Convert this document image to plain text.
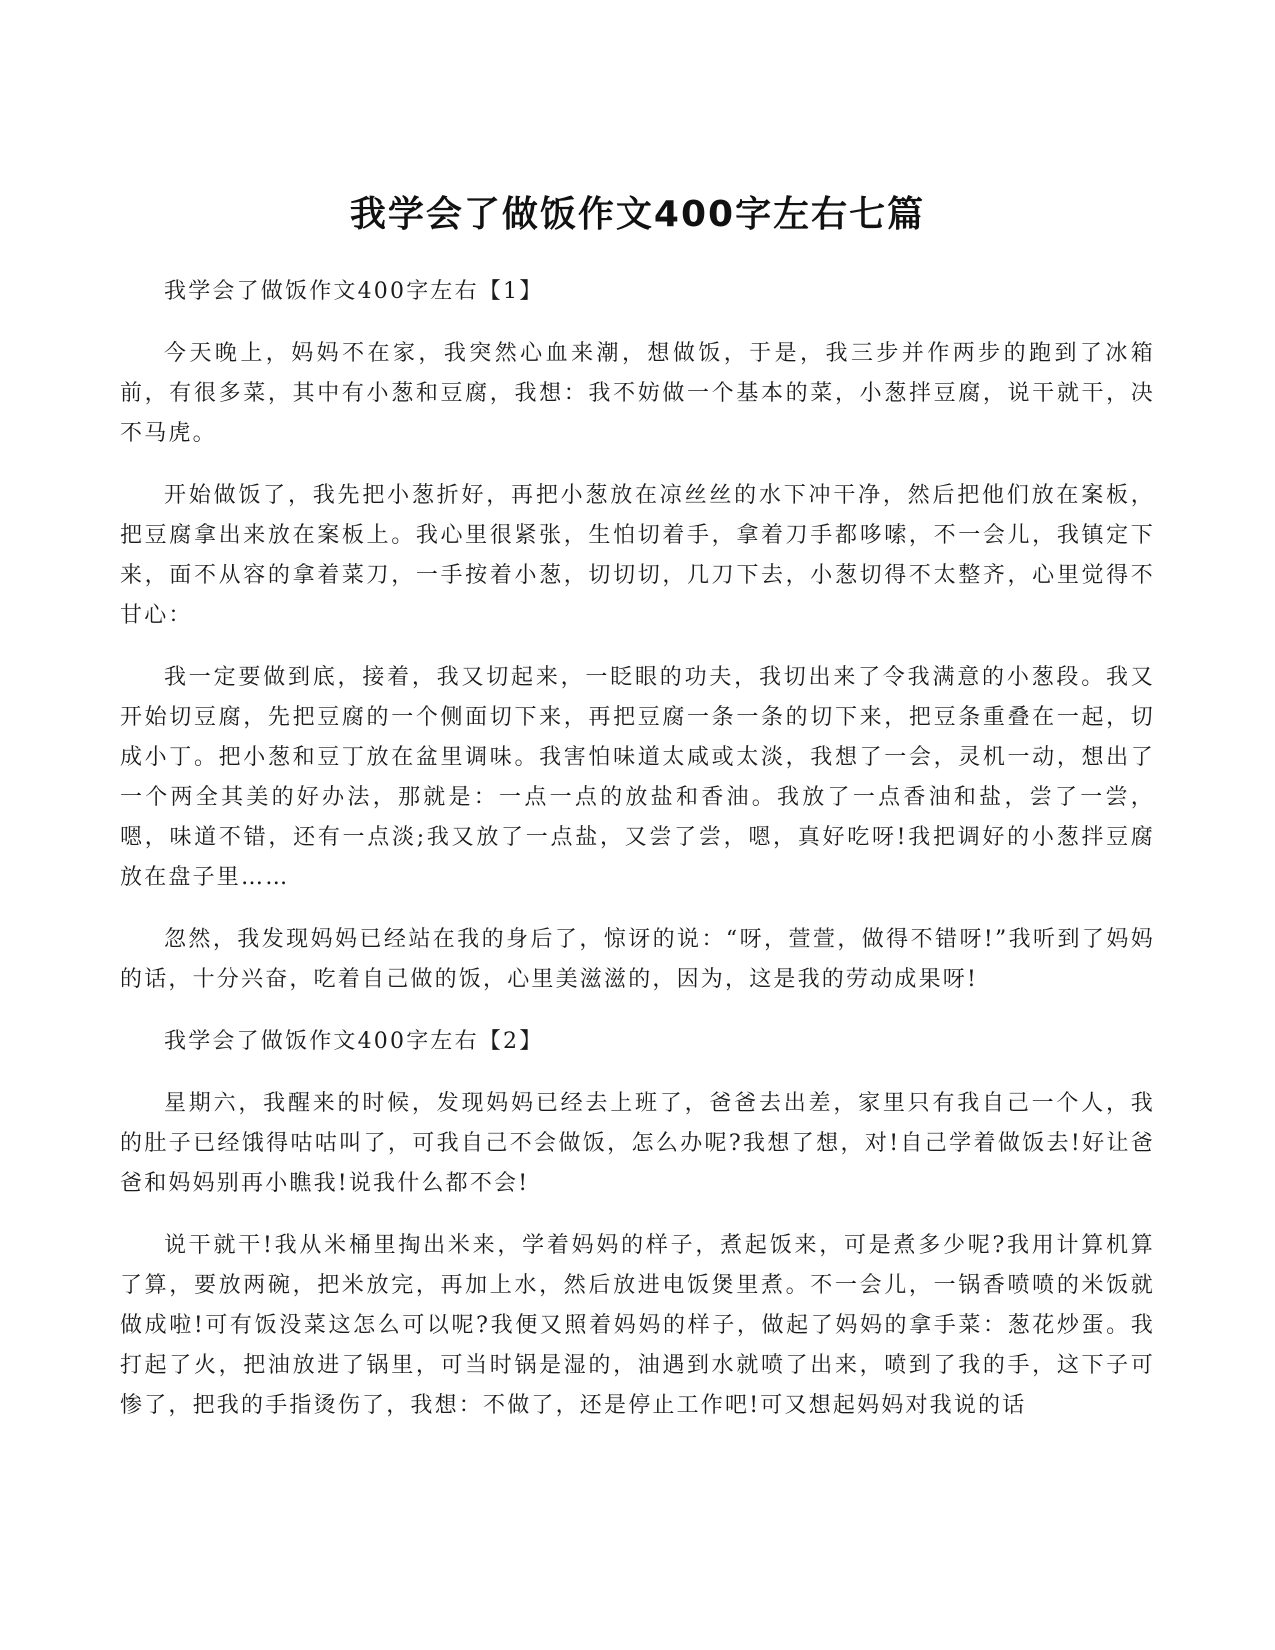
我学会了做饭作文400字左右七篇

我学会了做饭作文400字左右【1】

今天晚上，妈妈不在家，我突然心血来潮，想做饭，于是，我三步并作两步的跑到了冰箱前，有很多菜，其中有小葱和豆腐，我想：我不妨做一个基本的菜，小葱拌豆腐，说干就干，决不马虎。

开始做饭了，我先把小葱折好，再把小葱放在凉丝丝的水下冲干净，然后把他们放在案板，把豆腐拿出来放在案板上。我心里很紧张，生怕切着手，拿着刀手都哆嗦，不一会儿，我镇定下来，面不从容的拿着菜刀，一手按着小葱，切切切，几刀下去，小葱切得不太整齐，心里觉得不甘心：

我一定要做到底，接着，我又切起来，一眨眼的功夫，我切出来了令我满意的小葱段。我又开始切豆腐，先把豆腐的一个侧面切下来，再把豆腐一条一条的切下来，把豆条重叠在一起，切成小丁。把小葱和豆丁放在盆里调味。我害怕味道太咸或太淡，我想了一会，灵机一动，想出了一个两全其美的好办法，那就是：一点一点的放盐和香油。我放了一点香油和盐，尝了一尝，嗯，味道不错，还有一点淡;我又放了一点盐，又尝了尝，嗯，真好吃呀!我把调好的小葱拌豆腐放在盘子里……

忽然，我发现妈妈已经站在我的身后了，惊讶的说：“呀，萱萱，做得不错呀!”我听到了妈妈的话，十分兴奋，吃着自己做的饭，心里美滋滋的，因为，这是我的劳动成果呀!

我学会了做饭作文400字左右【2】

星期六，我醒来的时候，发现妈妈已经去上班了，爸爸去出差，家里只有我自己一个人，我的肚子已经饿得咕咕叫了，可我自己不会做饭，怎么办呢?我想了想，对!自己学着做饭去!好让爸爸和妈妈别再小瞧我!说我什么都不会!

说干就干!我从米桶里掏出米来，学着妈妈的样子，煮起饭来，可是煮多少呢?我用计算机算了算，要放两碗，把米放完，再加上水，然后放进电饭煲里煮。不一会儿，一锅香喷喷的米饭就做成啦!可有饭没菜这怎么可以呢?我便又照着妈妈的样子，做起了妈妈的拿手菜：葱花炒蛋。我打起了火，把油放进了锅里，可当时锅是湿的，油遇到水就喷了出来，喷到了我的手，这下子可惨了，把我的手指烫伤了，我想：不做了，还是停止工作吧!可又想起妈妈对我说的话
